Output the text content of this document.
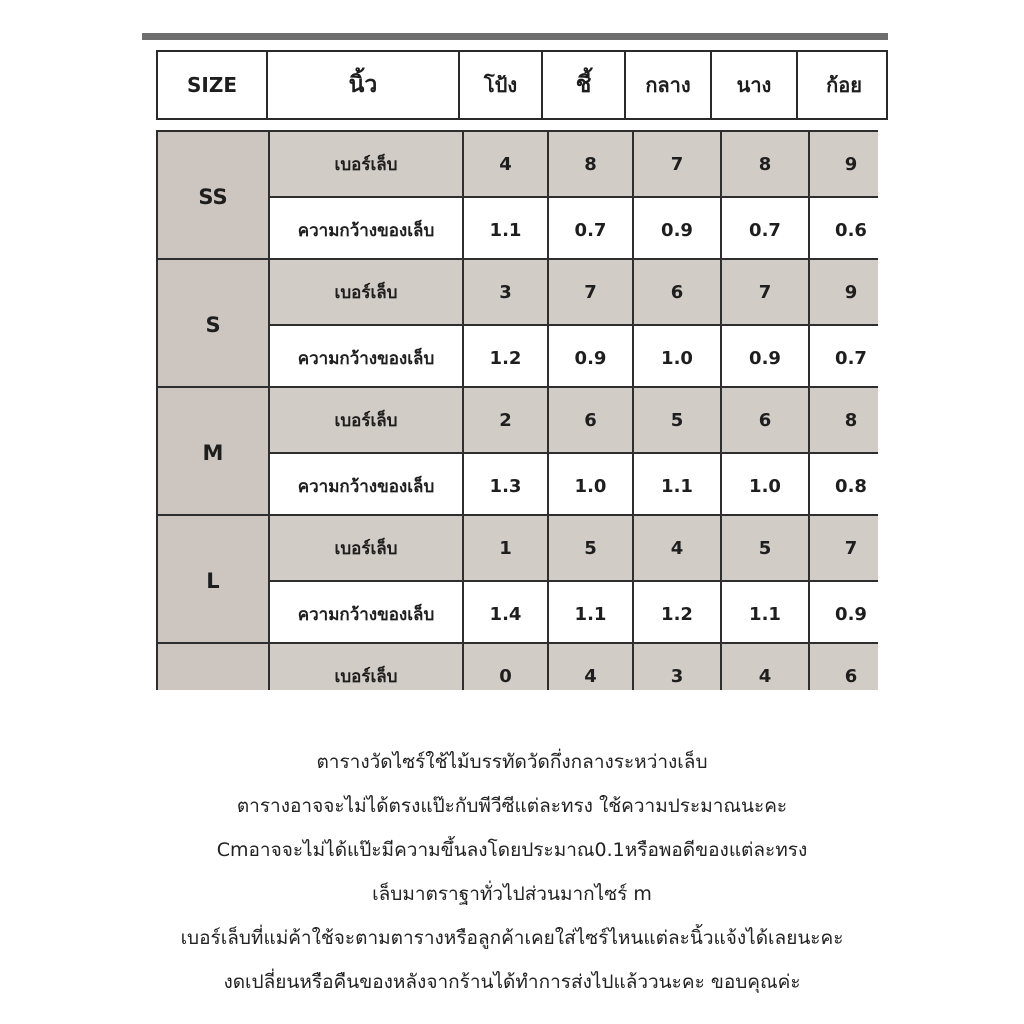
SIZE	นิ้ว	โป้ง	ชี้	กลาง	นาง	ก้อย
SS
เบอร์เล็บ	4	8	7	8	9
ความกว้างของเล็บ	1.1	0.7	0.9	0.7	0.6
S
เบอร์เล็บ	3	7	6	7	9
ความกว้างของเล็บ	1.2	0.9	1.0	0.9	0.7
M
เบอร์เล็บ	2	6	5	6	8
ความกว้างของเล็บ	1.3	1.0	1.1	1.0	0.8
L
เบอร์เล็บ	1	5	4	5	7
ความกว้างของเล็บ	1.4	1.1	1.2	1.1	0.9
เบอร์เล็บ	0	4	3	4	6
ตารางวัดไซร์ใช้ไม้บรรทัดวัดกึ่งกลางระหว่างเล็บ
ตารางอาจจะไม่ได้ตรงแป๊ะกับพีวีซีแต่ละทรง ใช้ความประมาณนะคะ
Cmอาจจะไม่ได้แป๊ะมีความขึ้นลงโดยประมาณ0.1หรือพอดีของแต่ละทรง
เล็บมาตราฐาทั่วไปส่วนมากไซร์ m
เบอร์เล็บที่แม่ค้าใช้จะตามตารางหรือลูกค้าเคยใส่ไซร์ไหนแต่ละนิ้วแจ้งได้เลยนะคะ
งดเปลี่ยนหรือคืนของหลังจากร้านได้ทำการส่งไปแล้ววนะคะ ขอบคุณค่ะ
